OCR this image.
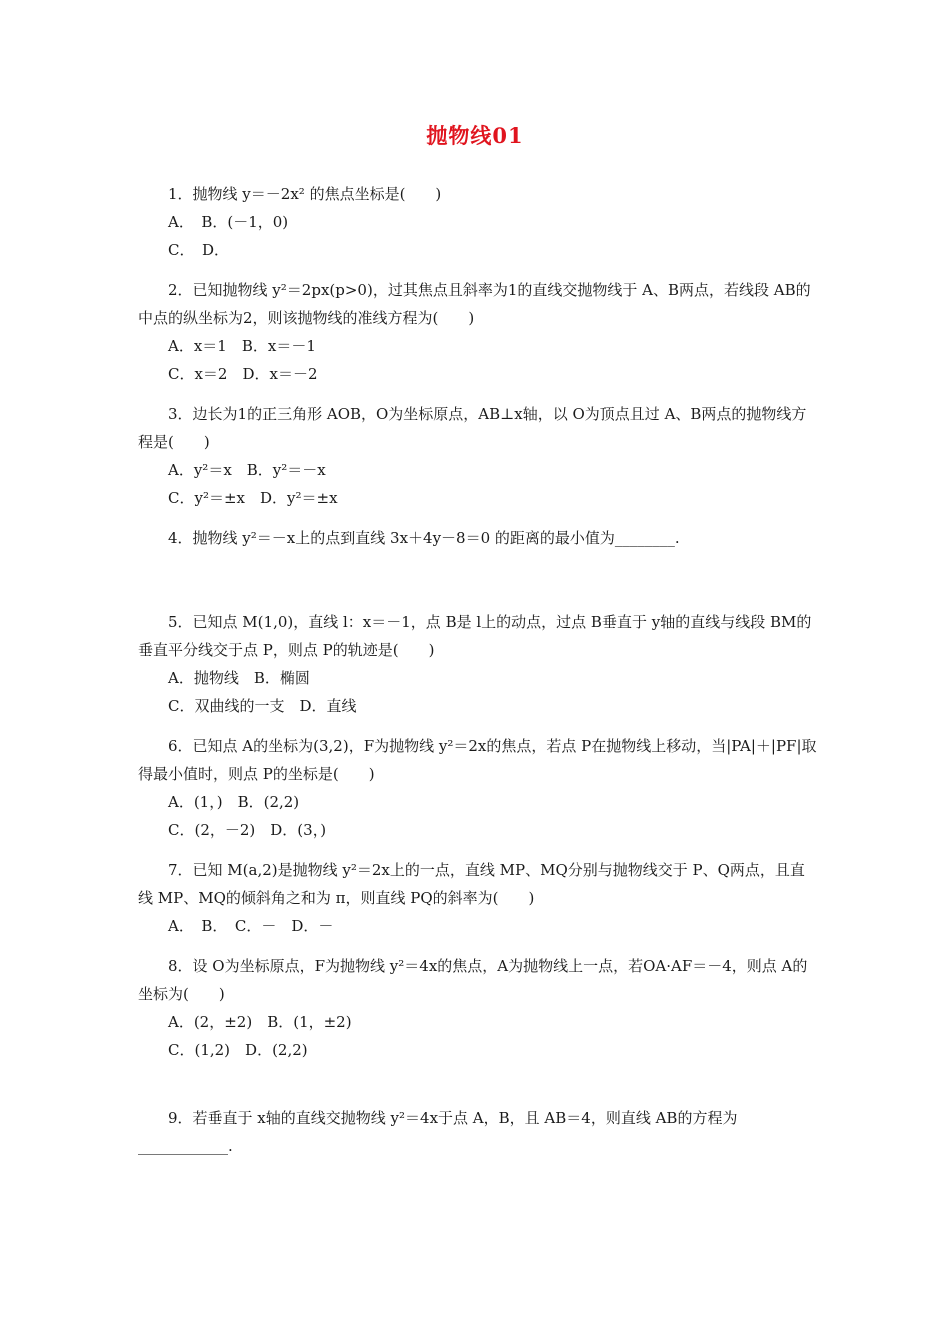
抛物线01

1．抛物线 y＝－2x² 的焦点坐标是(　　)

A．　B．(－1，0)

C．　D．

2．已知抛物线 y²＝2px(p>0)，过其焦点且斜率为1的直线交抛物线于 A、B两点，若线段 AB的中点的纵坐标为2，则该抛物线的准线方程为(　　)

A．x＝1　B．x＝－1

C．x＝2　D．x＝－2

3．边长为1的正三角形 AOB，O为坐标原点，AB⊥x轴，以 O为顶点且过 A、B两点的抛物线方程是(　　)

A．y²＝x　B．y²＝－x

C．y²＝±x　D．y²＝±x

4．抛物线 y²＝－x上的点到直线 3x＋4y－8＝0 的距离的最小值为________.

5．已知点 M(1,0)，直线 l：x＝－1，点 B是 l上的动点，过点 B垂直于 y轴的直线与线段 BM的垂直平分线交于点 P，则点 P的轨迹是(　　)

A．抛物线　B．椭圆

C．双曲线的一支　D．直线

6．已知点 A的坐标为(3,2)，F为抛物线 y²＝2x的焦点，若点 P在抛物线上移动，当|PA|＋|PF|取得最小值时，则点 P的坐标是(　　)

A．(1，)　B．(2,2)

C．(2，－2)　D．(3，)

7．已知 M(a,2)是抛物线 y²＝2x上的一点，直线 MP、MQ分别与抛物线交于 P、Q两点，且直线 MP、MQ的倾斜角之和为 π，则直线 PQ的斜率为(　　)

A．　B．　C．－　D．－

8．设 O为坐标原点，F为抛物线 y²＝4x的焦点，A为抛物线上一点，若OA·AF＝－4，则点 A的坐标为(　　)

A．(2，±2)　B．(1，±2)

C．(1,2)　D．(2,2)

9．若垂直于 x轴的直线交抛物线 y²＝4x于点 A，B，且 AB＝4，则直线 AB的方程为____________.
